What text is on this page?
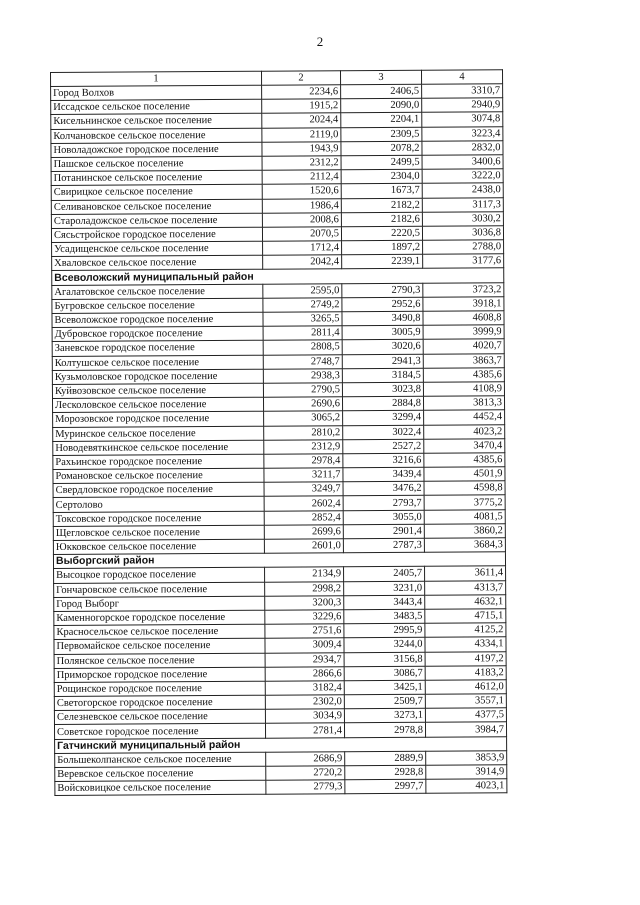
2
1	2	3	4
Город Волхов	2234,6	2406,5	3310,7
Иссадское сельское поселение	1915,2	2090,0	2940,9
Кисельнинское сельское поселение	2024,4	2204,1	3074,8
Колчановское сельское поселение	2119,0	2309,5	3223,4
Новоладожское городское поселение	1943,9	2078,2	2832,0
Пашское сельское поселение	2312,2	2499,5	3400,6
Потанинское сельское поселение	2112,4	2304,0	3222,0
Свирицкое сельское поселение	1520,6	1673,7	2438,0
Селивановское сельское поселение	1986,4	2182,2	3117,3
Староладожское сельское поселение	2008,6	2182,6	3030,2
Сясьстройское городское поселение	2070,5	2220,5	3036,8
Усадищенское сельское поселение	1712,4	1897,2	2788,0
Хваловское сельское поселение	2042,4	2239,1	3177,6
Всеволожский муниципальный район			
Агалатовское сельское поселение	2595,0	2790,3	3723,2
Бугровское сельское поселение	2749,2	2952,6	3918,1
Всеволожское городское поселение	3265,5	3490,8	4608,8
Дубровское городское поселение	2811,4	3005,9	3999,9
Заневское городское поселение	2808,5	3020,6	4020,7
Колтушское сельское поселение	2748,7	2941,3	3863,7
Кузьмоловское городское поселение	2938,3	3184,5	4385,6
Куйвозовское сельское поселение	2790,5	3023,8	4108,9
Лесколовское сельское поселение	2690,6	2884,8	3813,3
Морозовское городское поселение	3065,2	3299,4	4452,4
Муринское сельское поселение	2810,2	3022,4	4023,2
Новодевяткинское сельское поселение	2312,9	2527,2	3470,4
Рахьинское городское поселение	2978,4	3216,6	4385,6
Романовское сельское поселение	3211,7	3439,4	4501,9
Свердловское городское поселение	3249,7	3476,2	4598,8
Сертолово	2602,4	2793,7	3775,2
Токсовское городское поселение	2852,4	3055,0	4081,5
Щегловское сельское поселение	2699,6	2901,4	3860,2
Юкковское сельское поселение	2601,0	2787,3	3684,3
Выборгский район			
Высоцкое городское поселение	2134,9	2405,7	3611,4
Гончаровское сельское поселение	2998,2	3231,0	4313,7
Город Выборг	3200,3	3443,4	4632,1
Каменногорское городское поселение	3229,6	3483,5	4715,1
Красносельское сельское поселение	2751,6	2995,9	4125,2
Первомайское сельское поселение	3009,4	3244,0	4334,1
Полянское сельское поселение	2934,7	3156,8	4197,2
Приморское городское поселение	2866,6	3086,7	4183,2
Рощинское городское поселение	3182,4	3425,1	4612,0
Светогорское городское поселение	2302,0	2509,7	3557,1
Селезневское сельское поселение	3034,9	3273,1	4377,5
Советское городское поселение	2781,4	2978,8	3984,7
Гатчинский муниципальный район			
Большеколпанское сельское поселение	2686,9	2889,9	3853,9
Веревское сельское поселение	2720,2	2928,8	3914,9
Войсковицкое сельское поселение	2779,3	2997,7	4023,1
